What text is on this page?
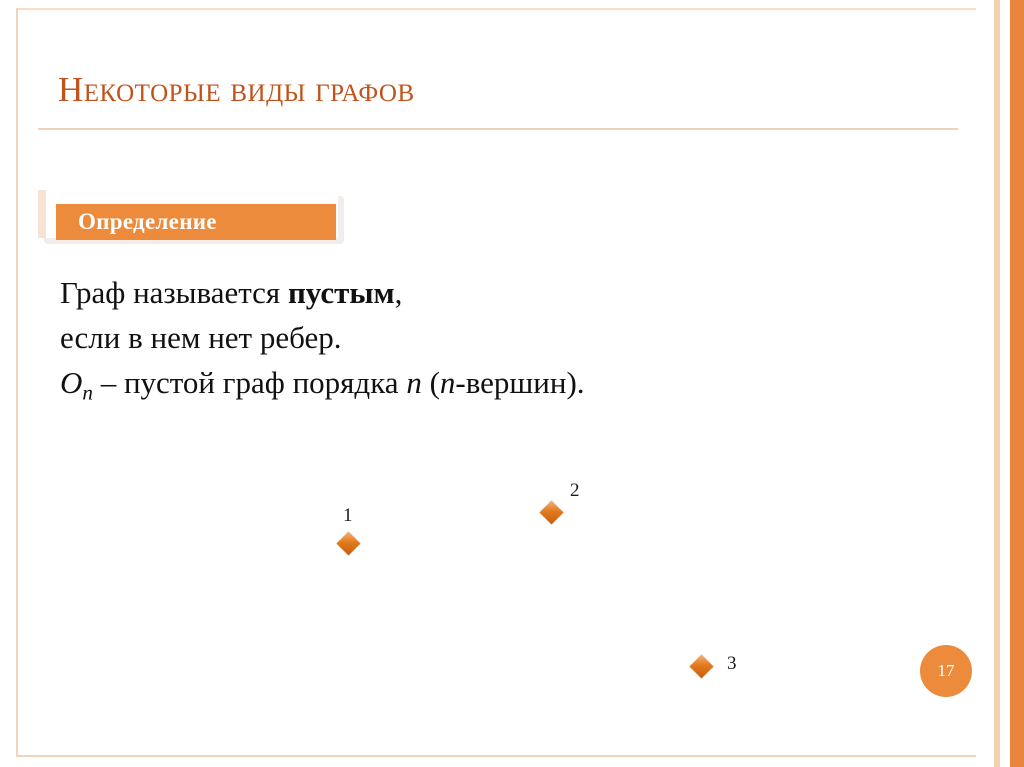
Некоторые виды графов
Определение
Граф называется пустым,
если в нем нет ребер.
$O_n$ – пустой граф порядка n (n-вершин).
1
2
3	17
